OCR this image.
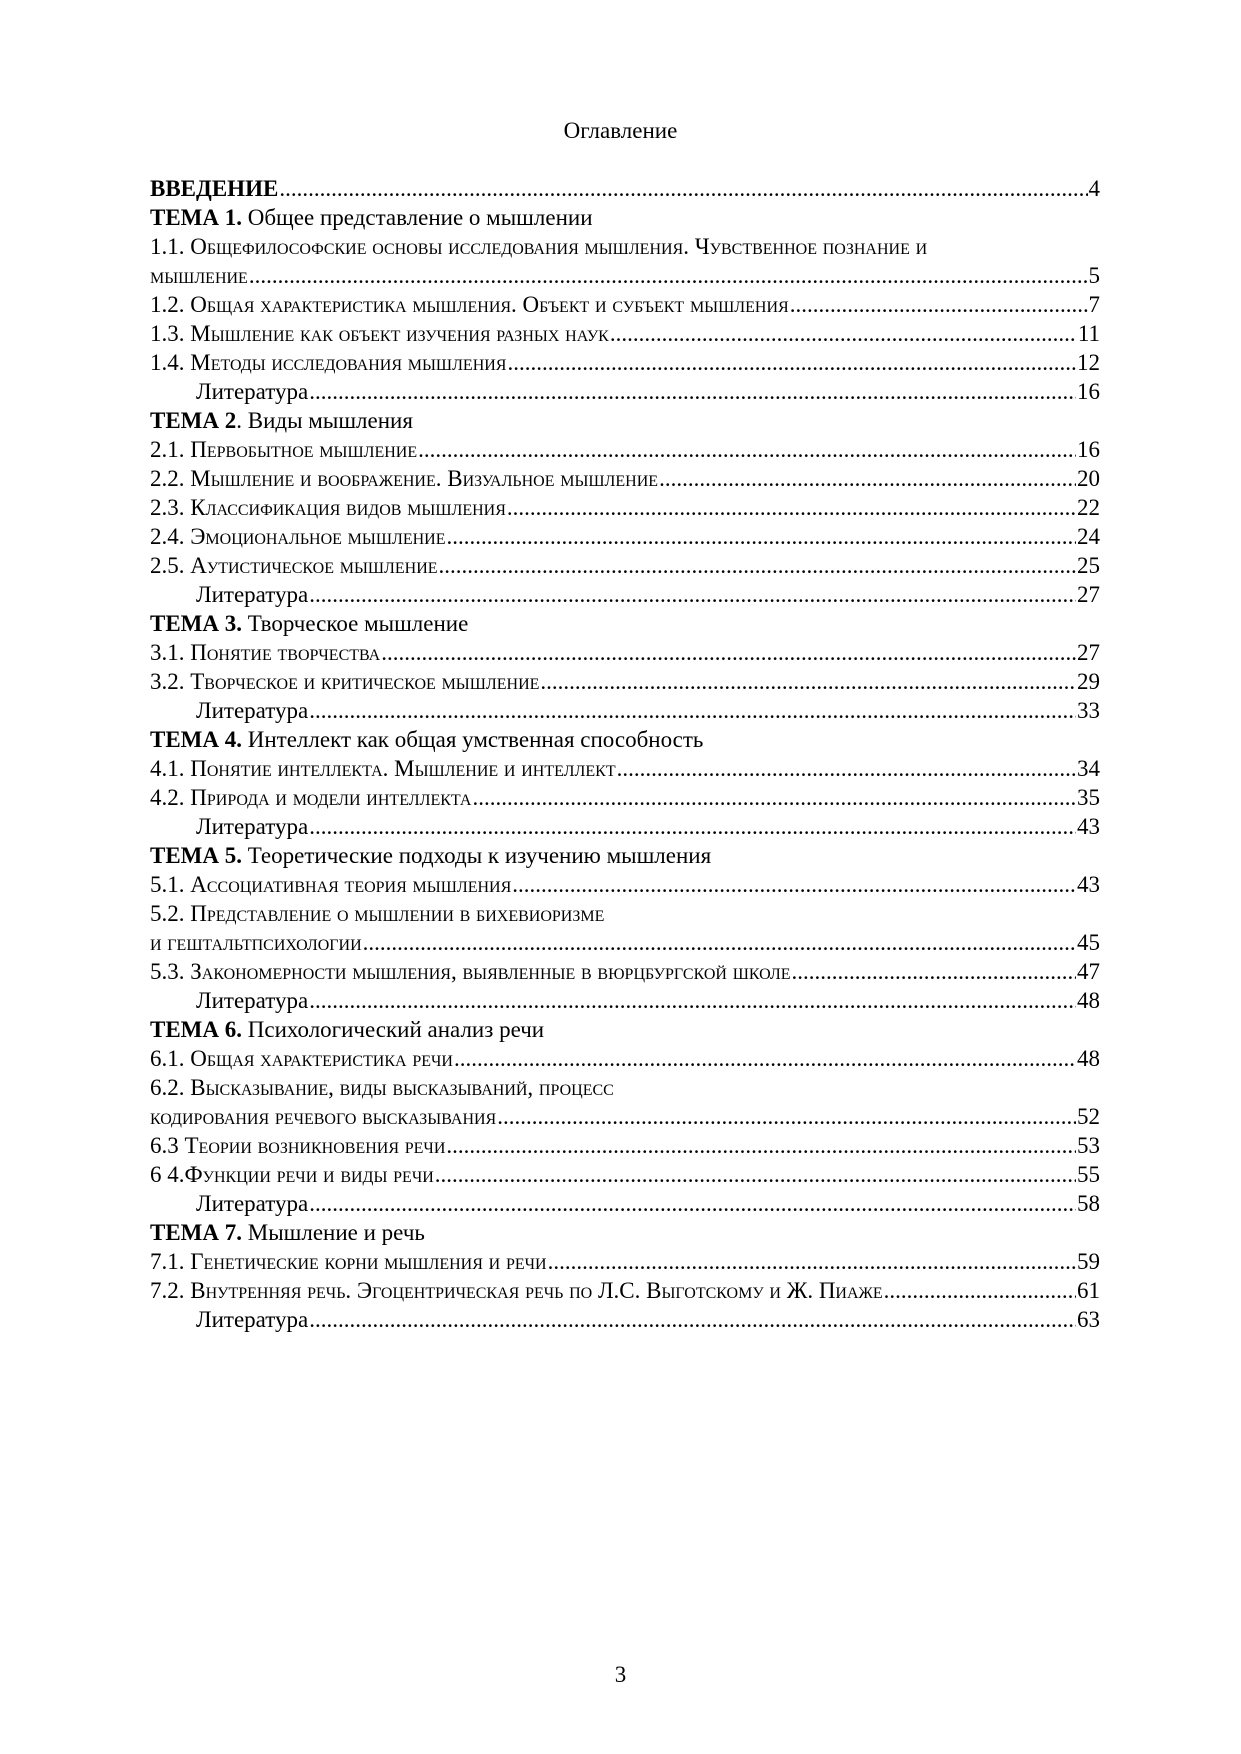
Оглавление
ВВЕДЕНИЕ .....	4
ТЕМА 1. Общее представление о мышлении
1.1. Общефилософские основы исследования мышления. Чувственное познание и
мышление .....	5
1.2. Общая характеристика мышления. Объект и субъект мышления .....	7
1.3. Мышление как объект изучения разных наук .....	11
1.4. Методы исследования мышления .....	12
Литература .....	16
ТЕМА 2. Виды мышления
2.1. Первобытное мышление .....	16
2.2. Мышление и воображение. Визуальное мышление .....	20
2.3. Классификация видов мышления .....	22
2.4. Эмоциональное мышление .....	24
2.5. Аутистическое мышление .....	25
Литература .....	27
ТЕМА 3. Творческое мышление
3.1. Понятие творчества .....	27
3.2. Творческое и критическое мышление .....	29
Литература .....	33
ТЕМА 4. Интеллект как общая умственная способность
4.1. Понятие интеллекта. Мышление и интеллект .....	34
4.2. Природа и модели интеллекта .....	35
Литература .....	43
ТЕМА 5. Теоретические подходы к изучению мышления
5.1. Ассоциативная теория мышления .....	43
5.2. Представление о мышлении в бихевиоризме
и гештальтпсихологии .....	45
5.3. Закономерности мышления, выявленные в вюрцбургской школе .....	47
Литература .....	48
ТЕМА 6. Психологический анализ речи
6.1. Общая характеристика речи .....	48
6.2. Высказывание, виды высказываний, процесс
кодирования речевого высказывания .....	52
6.3 Теории возникновения речи .....	53
6 4.Функции речи и виды речи .....	55
Литература .....	58
ТЕМА 7. Мышление и речь
7.1. Генетические корни мышления и речи .....	59
7.2. Внутренняя речь. Эгоцентрическая речь по Л.С. Выготскому и Ж. Пиаже .....	61
Литература .....	63
3
